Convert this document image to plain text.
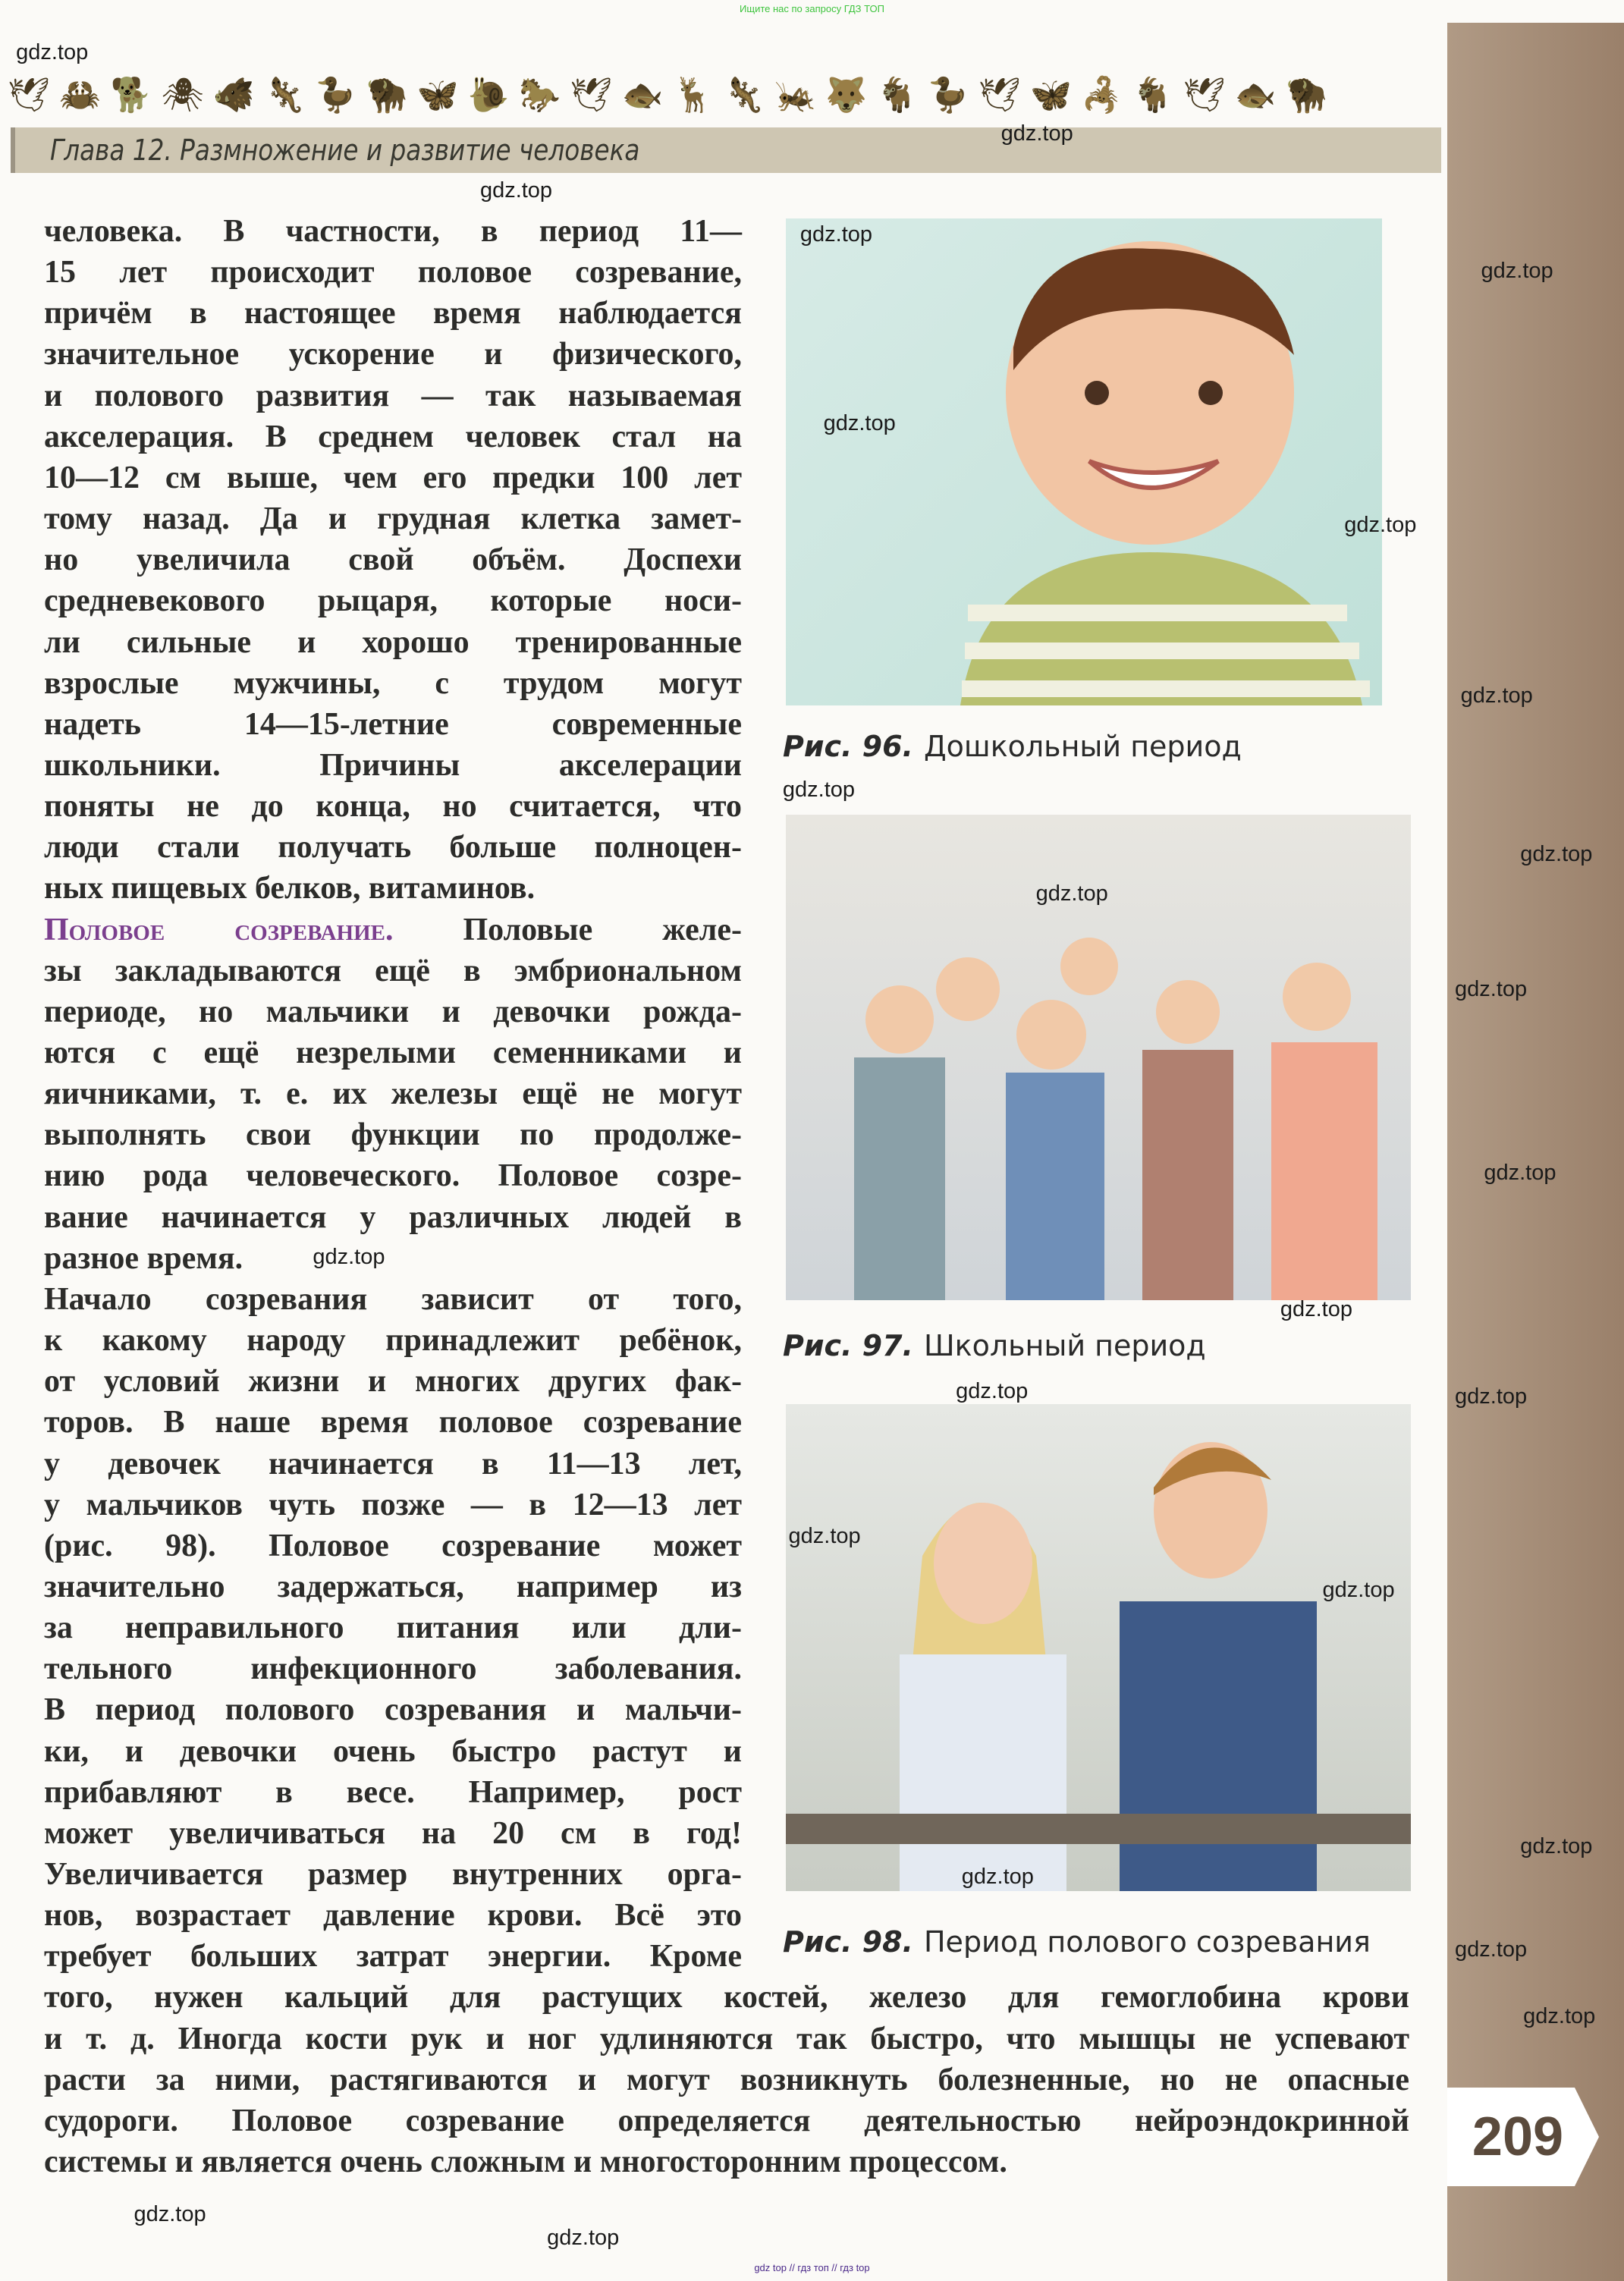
Ищите нас по запросу ГДЗ ТОП
🕊 🦀 🐕 🕷 🐗 🦎 🦆 🦬 🦋 🐌 🐎 🕊 🐟 🦌 🦎 🦗 🐺 🐐 🦆 🕊 🦋 🦂 🐐 🕊 🐟 🦬
Глава 12. Размножение и развитие человека
человека. В частности, в период 11—
15 лет происходит половое созревание,
причём в настоящее время наблюдается
значительное ускорение и физического,
и полового развития — так называемая
акселерация. В среднем человек стал на
10—12 см выше, чем его предки 100 лет
тому назад. Да и грудная клетка замет-
но увеличила свой объём. Доспехи
средневекового рыцаря, которые носи-
ли сильные и хорошо тренированные
взрослые мужчины, с трудом могут
надеть 14—15-летние современные
школьники. Причины акселерации
поняты не до конца, но считается, что
люди стали получать больше полноцен-
ных пищевых белков, витаминов.
Половое созревание. Половые желе-
зы закладываются ещё в эмбриональном
периоде, но мальчики и девочки рожда-
ются с ещё незрелыми семенниками и
яичниками, т. е. их железы ещё не могут
выполнять свои функции по продолже-
нию рода человеческого. Половое созре-
вание начинается у различных людей в
разное время.
Начало созревания зависит от того,
к какому народу принадлежит ребёнок,
от условий жизни и многих других фак-
торов. В наше время половое созревание
у девочек начинается в 11—13 лет,
у мальчиков чуть позже — в 12—13 лет
(рис. 98). Половое созревание может
значительно задержаться, например из
за неправильного питания или дли-
тельного инфекционного заболевания.
В период полового созревания и мальчи-
ки, и девочки очень быстро растут и
прибавляют в весе. Например, рост
может увеличиваться на 20 см в год!
Увеличивается размер внутренних орга-
нов, возрастает давление крови. Всё это
требует больших затрат энергии. Кроме
того, нужен кальций для растущих костей, железо для гемоглобина крови
и т. д. Иногда кости рук и ног удлиняются так быстро, что мышцы не успевают
расти за ними, растягиваются и могут возникнуть болезненные, но не опасные
судороги. Половое созревание определяется деятельностью нейроэндокринной
системы и является очень сложным и многосторонним процессом.
Рис. 96. Дошкольный период
Рис. 97. Школьный период
Рис. 98. Период полового созревания
209
gdz.top
gdz.top
gdz.top
gdz.top
gdz.top
gdz.top
gdz.top
gdz.top
gdz.top
gdz.top
gdz.top
gdz.top
gdz.top
gdz.top
gdz.top
gdz.top
gdz.top
gdz.top
gdz.top
gdz.top
gdz.top
gdz.top
gdz.top
gdz.top
gdz.top
gdz top // гдз топ // гдз top
